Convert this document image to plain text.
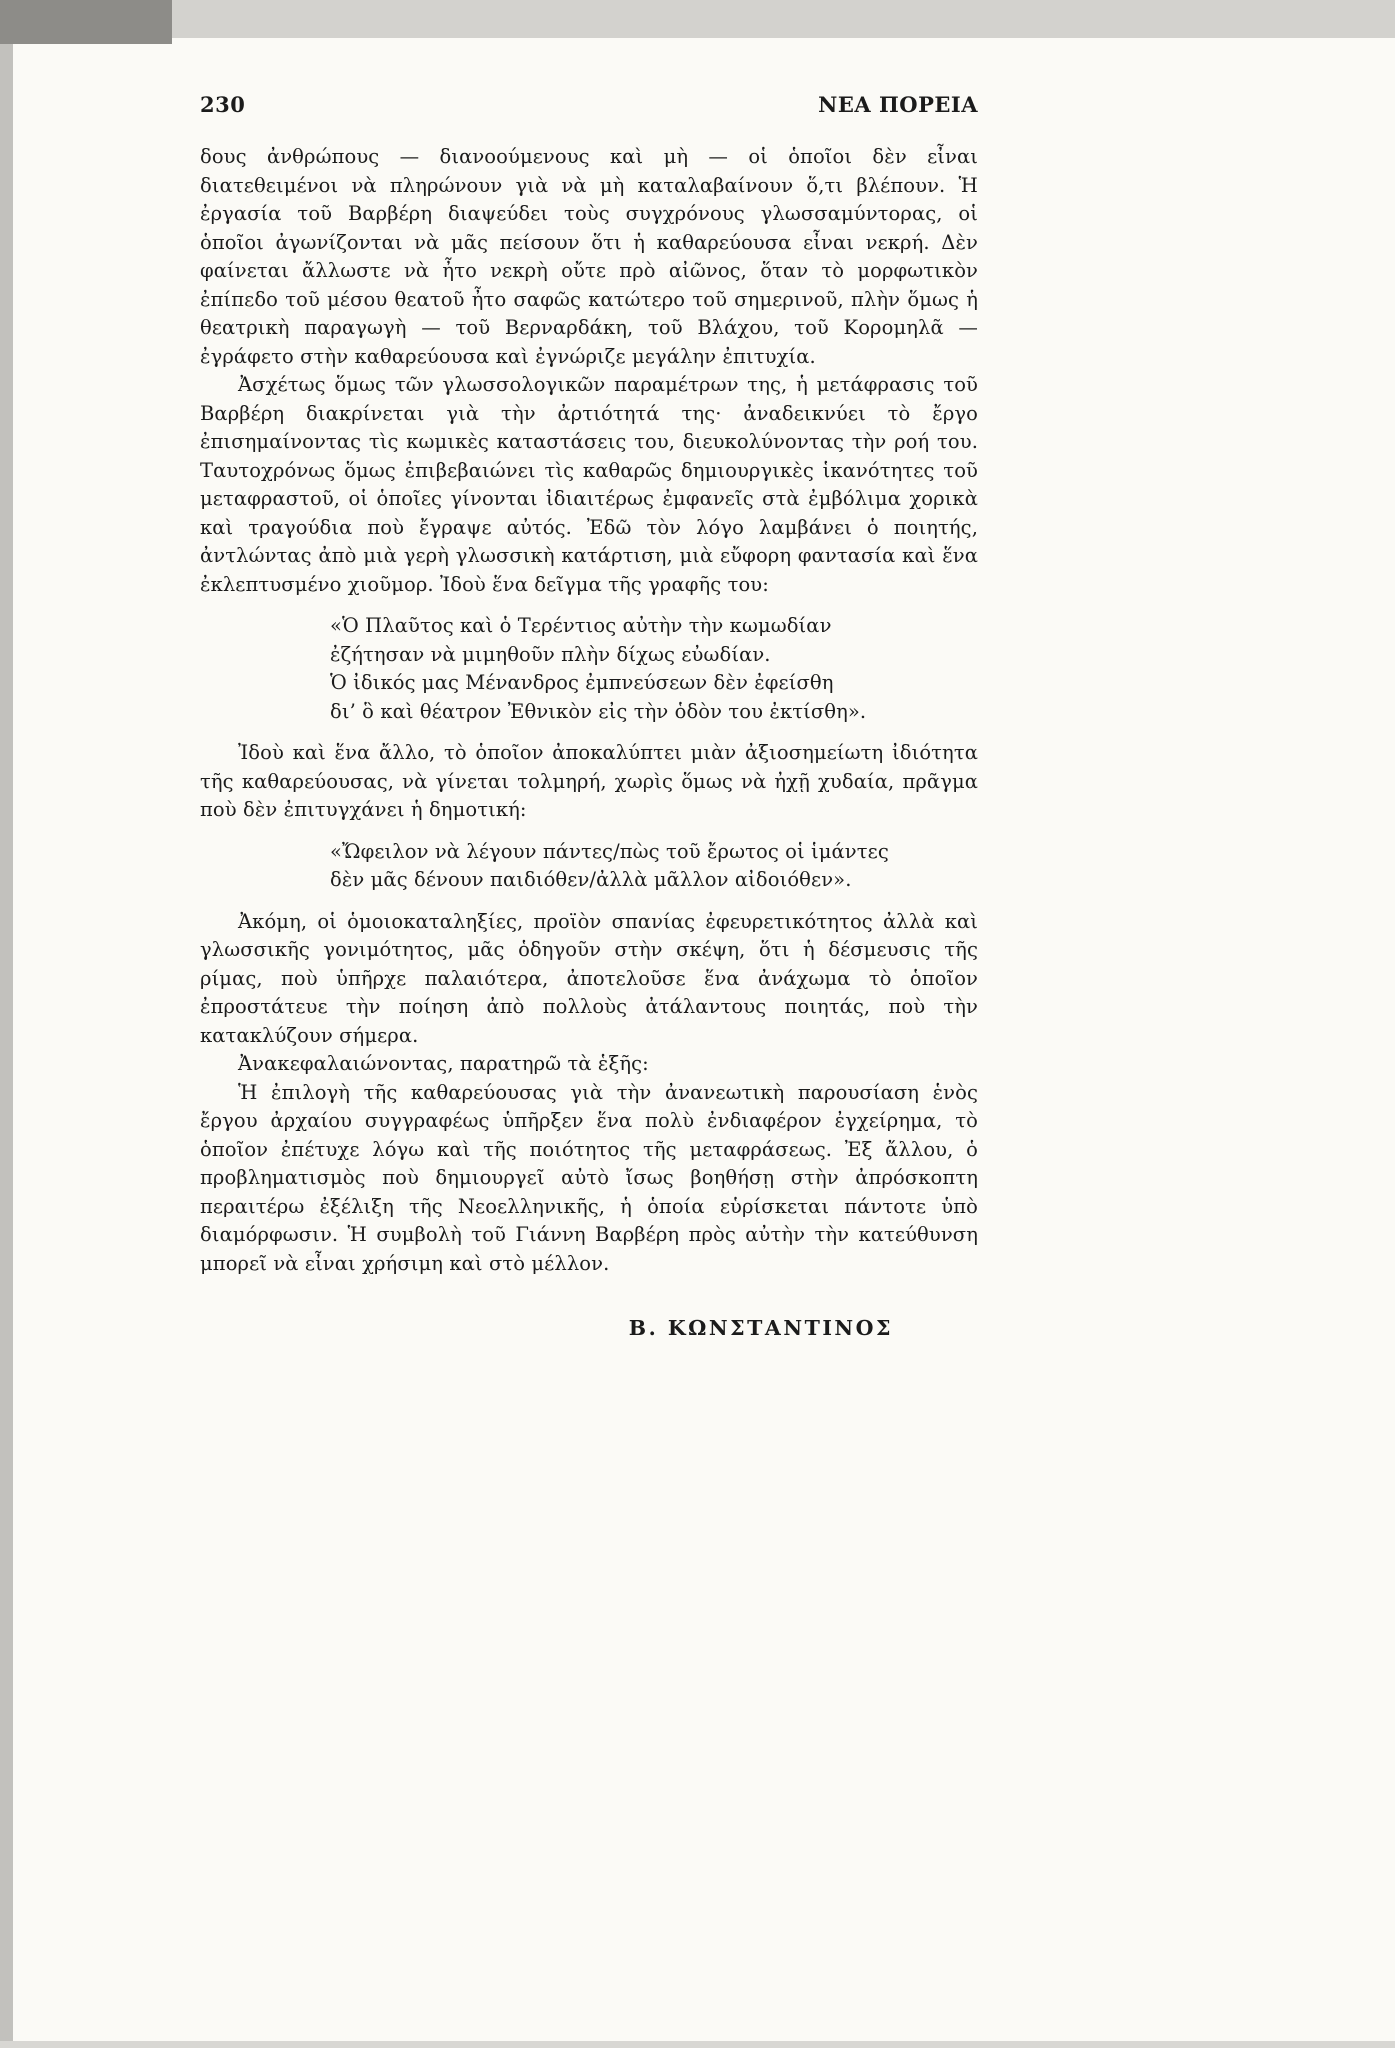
230	ΝΕΑ ΠΟΡΕΙΑ

δους ἀνθρώπους — διανοούμενους καὶ μὴ — οἱ ὁποῖοι δὲν εἶναι διατεθειμένοι νὰ πληρώνουν γιὰ νὰ μὴ καταλαβαίνουν ὅ,τι βλέπουν. Ἡ ἐργασία τοῦ Βαρβέρη διαψεύδει τοὺς συγχρόνους γλωσσαμύντορας, οἱ ὁποῖοι ἀγωνίζονται νὰ μᾶς πείσουν ὅτι ἡ καθαρεύουσα εἶναι νεκρή. Δὲν φαίνεται ἄλλωστε νὰ ἦτο νεκρὴ οὔτε πρὸ αἰῶνος, ὅταν τὸ μορφωτικὸν ἐπίπεδο τοῦ μέσου θεατοῦ ἦτο σαφῶς κατώτερο τοῦ σημερινοῦ, πλὴν ὅμως ἡ θεατρικὴ παραγωγὴ — τοῦ Βερναρδάκη, τοῦ Βλάχου, τοῦ Κορομηλᾶ — ἐγράφετο στὴν καθαρεύουσα καὶ ἐγνώριζε μεγάλην ἐπιτυχία.

Ἀσχέτως ὅμως τῶν γλωσσολογικῶν παραμέτρων της, ἡ μετάφρασις τοῦ Βαρβέρη διακρίνεται γιὰ τὴν ἀρτιότητά της· ἀναδεικνύει τὸ ἔργο ἐπισημαίνοντας τὶς κωμικὲς καταστάσεις του, διευκολύνοντας τὴν ροή του. Ταυτοχρόνως ὅμως ἐπιβεβαιώνει τὶς καθαρῶς δημιουργικὲς ἱκανότητες τοῦ μεταφραστοῦ, οἱ ὁποῖες γίνονται ἰδιαιτέρως ἐμφανεῖς στὰ ἐμβόλιμα χορικὰ καὶ τραγούδια ποὺ ἔγραψε αὐτός. Ἐδῶ τὸν λόγο λαμβάνει ὁ ποιητής, ἀντλώντας ἀπὸ μιὰ γερὴ γλωσσικὴ κατάρτιση, μιὰ εὔφορη φαντασία καὶ ἕνα ἐκλεπτυσμένο χιοῦμορ. Ἰδοὺ ἕνα δεῖγμα τῆς γραφῆς του:

«Ὁ Πλαῦτος καὶ ὁ Τερέντιος αὐτὴν τὴν κωμωδίαν
ἐζήτησαν νὰ μιμηθοῦν πλὴν δίχως εὐωδίαν.
Ὁ ἰδικός μας Μένανδρος ἐμπνεύσεων δὲν ἐφείσθη
δι’ ὃ καὶ θέατρον Ἐθνικὸν εἰς τὴν ὁδὸν του ἐκτίσθη».

Ἰδοὺ καὶ ἕνα ἄλλο, τὸ ὁποῖον ἀποκαλύπτει μιὰν ἀξιοσημείωτη ἰδιότητα τῆς καθαρεύουσας, νὰ γίνεται τολμηρή, χωρὶς ὅμως νὰ ἠχῇ χυδαία, πρᾶγμα ποὺ δὲν ἐπιτυγχάνει ἡ δημοτική:

«Ὤφειλον νὰ λέγουν πάντες/πὼς τοῦ ἔρωτος οἱ ἱμάντες
δὲν μᾶς δένουν παιδιόθεν/ἀλλὰ μᾶλλον αἰδοιόθεν».

Ἀκόμη, οἱ ὁμοιοκαταληξίες, προϊὸν σπανίας ἐφευρετικότητος ἀλλὰ καὶ γλωσσικῆς γονιμότητος, μᾶς ὁδηγοῦν στὴν σκέψη, ὅτι ἡ δέσμευσις τῆς ρίμας, ποὺ ὑπῆρχε παλαιότερα, ἀποτελοῦσε ἕνα ἀνάχωμα τὸ ὁποῖον ἐπροστάτευε τὴν ποίηση ἀπὸ πολλοὺς ἀτάλαντους ποιητάς, ποὺ τὴν κατακλύζουν σήμερα.

Ἀνακεφαλαιώνοντας, παρατηρῶ τὰ ἑξῆς:

Ἡ ἐπιλογὴ τῆς καθαρεύουσας γιὰ τὴν ἀνανεωτικὴ παρουσίαση ἑνὸς ἔργου ἀρχαίου συγγραφέως ὑπῆρξεν ἕνα πολὺ ἐνδιαφέρον ἐγχείρημα, τὸ ὁποῖον ἐπέτυχε λόγω καὶ τῆς ποιότητος τῆς μεταφράσεως. Ἐξ ἄλλου, ὁ προβληματισμὸς ποὺ δημιουργεῖ αὐτὸ ἴσως βοηθήσῃ στὴν ἀπρόσκοπτη περαιτέρω ἐξέλιξη τῆς Νεοελληνικῆς, ἡ ὁποία εὑρίσκεται πάντοτε ὑπὸ διαμόρφωσιν. Ἡ συμβολὴ τοῦ Γιάννη Βαρβέρη πρὸς αὐτὴν τὴν κατεύθυνση μπορεῖ νὰ εἶναι χρήσιμη καὶ στὸ μέλλον.

Β. ΚΩΝΣΤΑΝΤΙΝΟΣ
